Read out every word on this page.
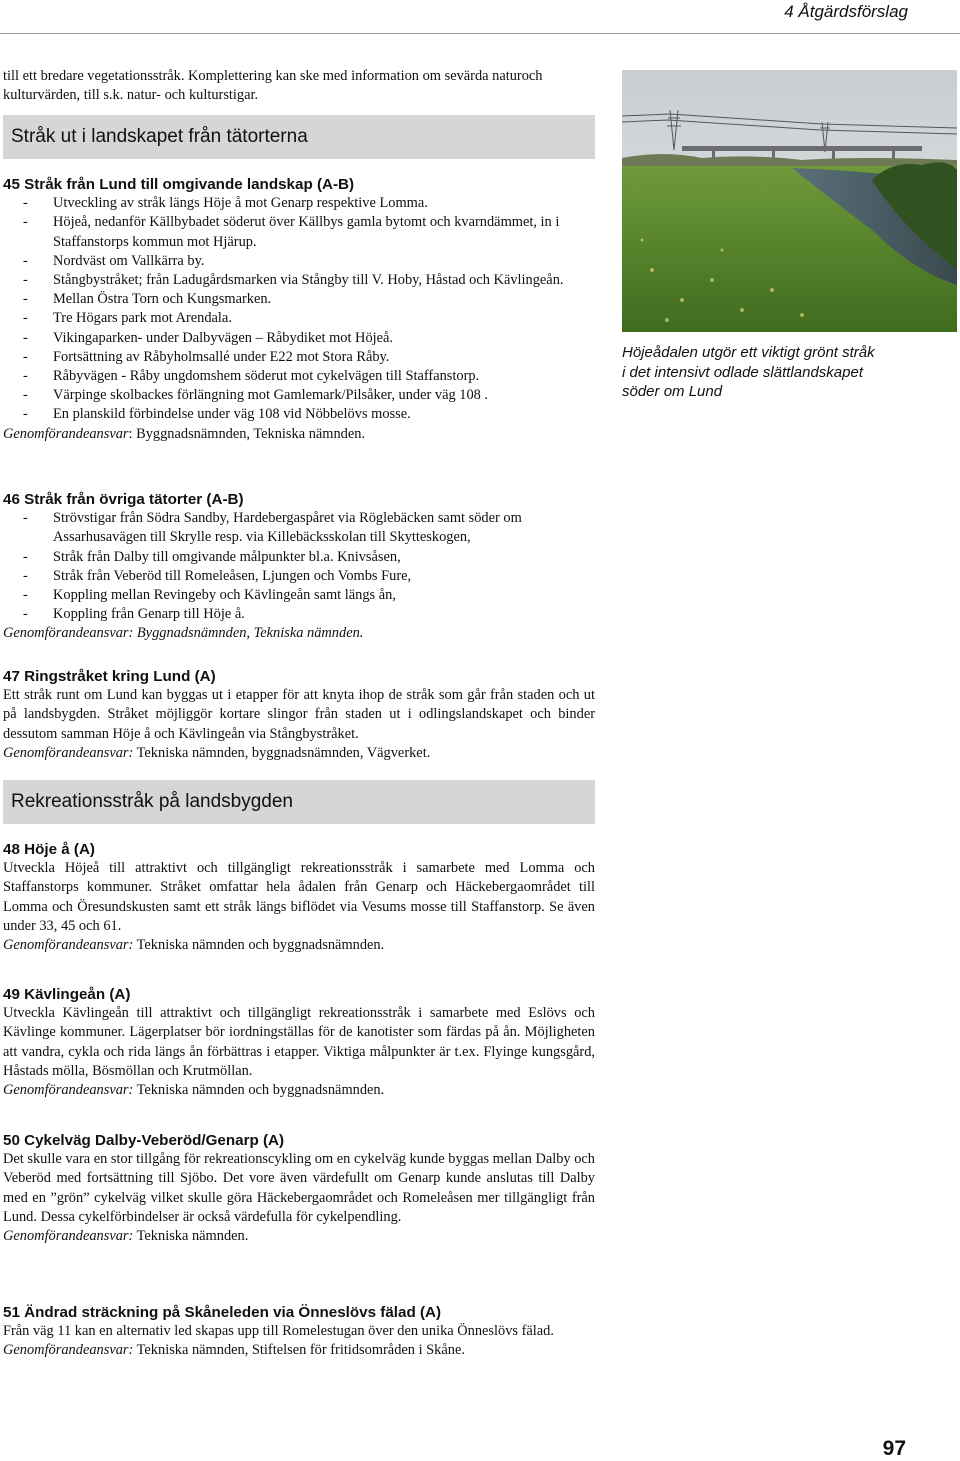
4 Åtgärdsförslag
till ett bredare vegetationsstråk. Komplettering kan ske med information om sevärda naturoch kulturvärden, till s.k. natur- och kulturstigar.
Stråk ut i landskapet från tätorterna
45 Stråk från Lund till omgivande landskap (A-B)
- Utveckling av stråk längs Höje å mot Genarp respektive Lomma.
- Höjeå, nedanför Källbybadet söderut över Källbys gamla bytomt och kvarndämmet, in i Staffanstorps kommun mot Hjärup.
- Nordväst om Vallkärra by.
- Stångbystråket; från Ladugårdsmarken via Stångby till V. Hoby, Håstad och Kävlingeån.
- Mellan Östra Torn och Kungsmarken.
- Tre Högars park mot Arendala.
- Vikingaparken- under Dalbyvägen – Råbydiket mot Höjeå.
- Fortsättning av Råbyholmsallé under E22 mot Stora Råby.
- Råbyvägen - Råby ungdomshem söderut mot cykelvägen till Staffanstorp.
- Värpinge skolbackes förlängning mot Gamlemark/Pilsåker, under väg 108 .
- En planskild förbindelse under väg 108 vid Nöbbelövs mosse.
Genomförandeansvar: Byggnadsnämnden, Tekniska nämnden.
46 Stråk från övriga tätorter (A-B)
- Strövstigar från Södra Sandby, Hardebergaspåret via Röglebäcken samt söder om Assarhusavägen till Skrylle resp. via Killebäcksskolan till Skytteskogen,
- Stråk från Dalby till omgivande målpunkter bl.a. Knivsåsen,
- Stråk från Veberöd till Romeleåsen, Ljungen och Vombs Fure,
- Koppling mellan Revingeby och Kävlingeån samt längs ån,
- Koppling från Genarp till Höje å.
Genomförandeansvar: Byggnadsnämnden, Tekniska nämnden.
47 Ringstråket kring Lund (A)
Ett stråk runt om Lund kan byggas ut i etapper för att knyta ihop de stråk som går från staden och ut på landsbygden. Stråket möjliggör kortare slingor från staden ut i odlingslandskapet och binder dessutom samman Höje å och Kävlingeån via Stångbystråket.
Genomförandeansvar: Tekniska nämnden, byggnadsnämnden, Vägverket.
Rekreationsstråk på landsbygden
48 Höje å (A)
Utveckla Höjeå till attraktivt och tillgängligt rekreationsstråk i samarbete med Lomma och Staffanstorps kommuner. Stråket omfattar hela ådalen från Genarp och Häckebergaområdet till Lomma och Öresundskusten samt ett stråk längs biflödet via Vesums mosse till Staffanstorp. Se även under 33, 45 och 61.
Genomförandeansvar: Tekniska nämnden och byggnadsnämnden.
49 Kävlingeån (A)
Utveckla Kävlingeån till attraktivt och tillgängligt rekreationsstråk i samarbete med Eslövs och Kävlinge kommuner. Lägerplatser bör iordningställas för de kanotister som färdas på ån. Möjligheten att vandra, cykla och rida längs ån förbättras i etapper. Viktiga målpunkter är t.ex. Flyinge kungsgård, Håstads mölla, Bösmöllan och Krutmöllan.
Genomförandeansvar: Tekniska nämnden och byggnadsnämnden.
50 Cykelväg Dalby-Veberöd/Genarp (A)
Det skulle vara en stor tillgång för rekreationscykling om en cykelväg kunde byggas mellan Dalby och Veberöd med fortsättning till Sjöbo. Det vore även värdefullt om Genarp kunde anslutas till Dalby med en ”grön” cykelväg vilket skulle göra Häckebergaområdet och Romeleåsen mer tillgängligt från Lund. Dessa cykelförbindelser är också värdefulla för cykelpendling.
Genomförandeansvar: Tekniska nämnden.
51 Ändrad sträckning på Skåneleden via Önneslövs fälad (A)
Från väg 11 kan en alternativ led skapas upp till Romelestugan över den unika Önneslövs fälad.
Genomförandeansvar: Tekniska nämnden, Stiftelsen för fritidsområden i Skåne.
Höjeådalen utgör ett viktigt grönt stråk i det intensivt odlade slättlandskapet söder om Lund
97
